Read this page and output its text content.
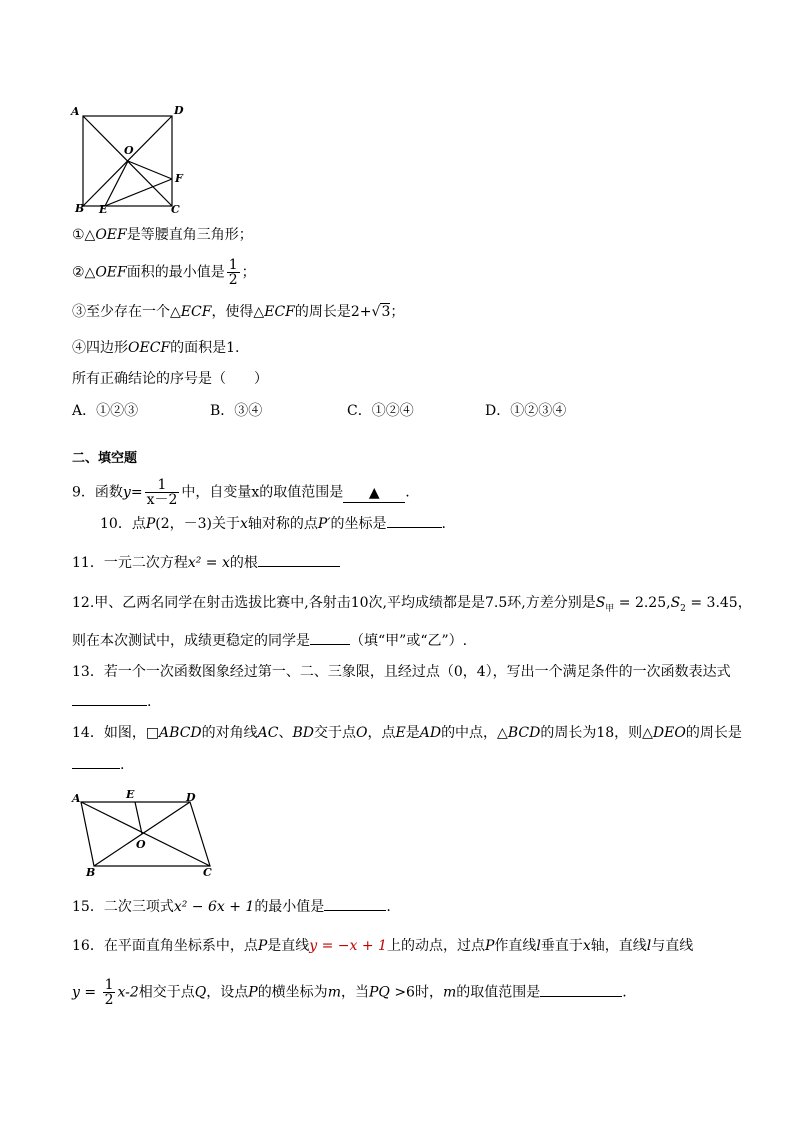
A	D
O
F
B E	C
①△OEF是等腰直角三角形；
②△OEF面积的最小值是 $\frac{1}{2}$ ；
③至少存在一个△ECF，使得△ECF的周长是2+√3；
④四边形OECF的面积是1.
所有正确结论的序号是（　　）
A．①②③	B．③④	C．①②④	D．①②③④
二、填空题
9．函数$y= \frac{1}{x-2}$ 中，自变量x的取值范围是 ▲ .
10．点P(2，－3)关于x轴对称的点P′的坐标是	.
11．一元二次方程x² = x的根
12.甲、乙两名同学在射击选拔比赛中,各射击10次,平均成绩都是是7.5环,方差分别是$S_甲 = 2.25,S_2 = 3.45$，
则在本次测试中，成绩更稳定的同学是	（填“甲”或“乙”）.
13．若一个一次函数图象经过第一、二、三象限，且经过点（0，4），写出一个满足条件的一次函数表达式
.
14．如图，□ABCD的对角线AC、BD交于点O，点E是AD的中点，△BCD的周长为18，则△DEO的周长是
.
A	E	D
O
B	C
15．二次三项式x² − 6x + 1的最小值是	.
16．在平面直角坐标系中，点P是直线y = −x + 1上的动点，过点P作直线l垂直于x轴，直线l与直线
$y = \frac{1}{2} x-2$相交于点Q，设点P的横坐标为m，当PQ >6时，m的取值范围是	.
